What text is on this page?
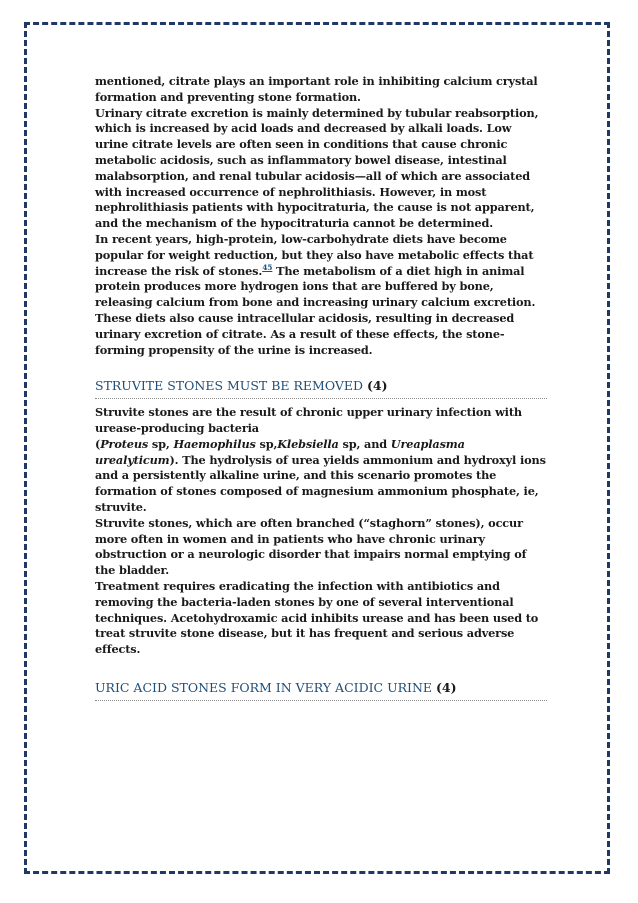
mentioned, citrate plays an important role in inhibiting calcium crystal formation and preventing stone formation.

Urinary citrate excretion is mainly determined by tubular reabsorption, which is increased by acid loads and decreased by alkali loads. Low urine citrate levels are often seen in conditions that cause chronic metabolic acidosis, such as inflammatory bowel disease, intestinal malabsorption, and renal tubular acidosis—all of which are associated with increased occurrence of nephrolithiasis. However, in most nephrolithiasis patients with hypocitraturia, the cause is not apparent, and the mechanism of the hypocitraturia cannot be determined.

In recent years, high-protein, low-carbohydrate diets have become popular for weight reduction, but they also have metabolic effects that increase the risk of stones.$^{45}$ The metabolism of a diet high in animal protein produces more hydrogen ions that are buffered by bone, releasing calcium from bone and increasing urinary calcium excretion. These diets also cause intracellular acidosis, resulting in decreased urinary excretion of citrate. As a result of these effects, the stone-forming propensity of the urine is increased.

STRUVITE STONES MUST BE REMOVED (4)

Struvite stones are the result of chronic upper urinary infection with urease-producing bacteria
(Proteus sp, Haemophilus sp,Klebsiella sp, and Ureaplasma urealyticum). The hydrolysis of urea yields ammonium and hydroxyl ions and a persistently alkaline urine, and this scenario promotes the formation of stones composed of magnesium ammonium phosphate, ie, struvite.

Struvite stones, which are often branched (“staghorn” stones), occur more often in women and in patients who have chronic urinary obstruction or a neurologic disorder that impairs normal emptying of the bladder.

Treatment requires eradicating the infection with antibiotics and removing the bacteria-laden stones by one of several interventional techniques. Acetohydroxamic acid inhibits urease and has been used to treat struvite stone disease, but it has frequent and serious adverse effects.

URIC ACID STONES FORM IN VERY ACIDIC URINE (4)
